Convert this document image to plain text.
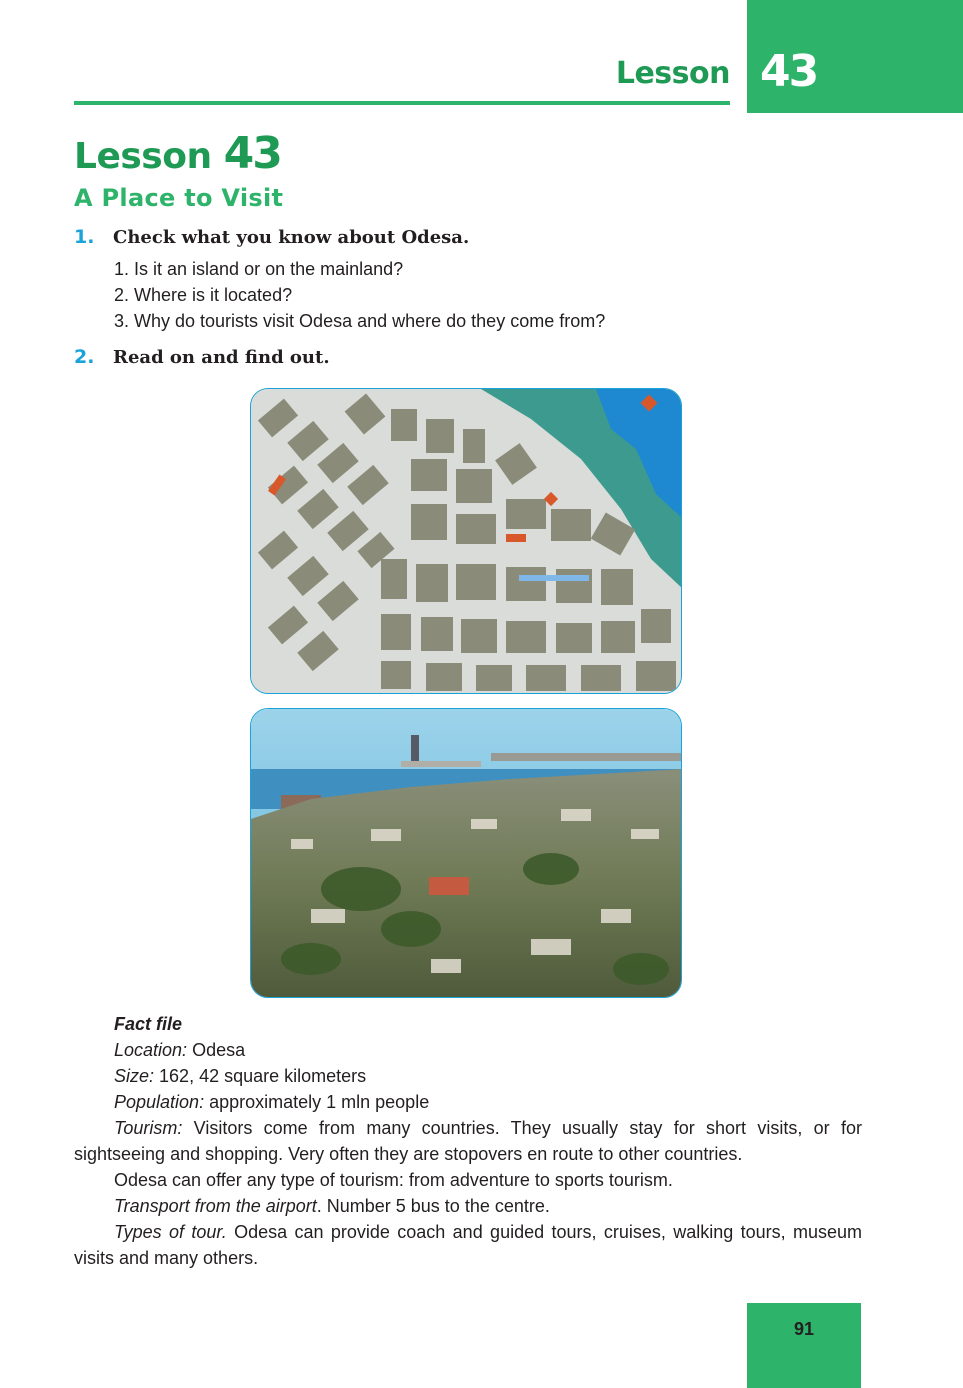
Lesson 43
Lesson 43
A Place to Visit
1. Check what you know about Odesa.
1. Is it an island or on the mainland?
2. Where is it located?
3. Why do tourists visit Odesa and where do they come from?
2. Read on and find out.

Fact file

Location: Odesa

Size: 162, 42 square kilometers

Population: approximately 1 mln people

Tourism: Visitors come from many countries. They usually stay for short visits, or for sightseeing and shopping. Very often they are stopovers en route to other countries.

Odesa can offer any type of tourism: from adventure to sports tourism.

Transport from the airport. Number 5 bus to the centre.

Types of tour. Odesa can provide coach and guided tours, cruises, walking tours, museum visits and many others.

91
